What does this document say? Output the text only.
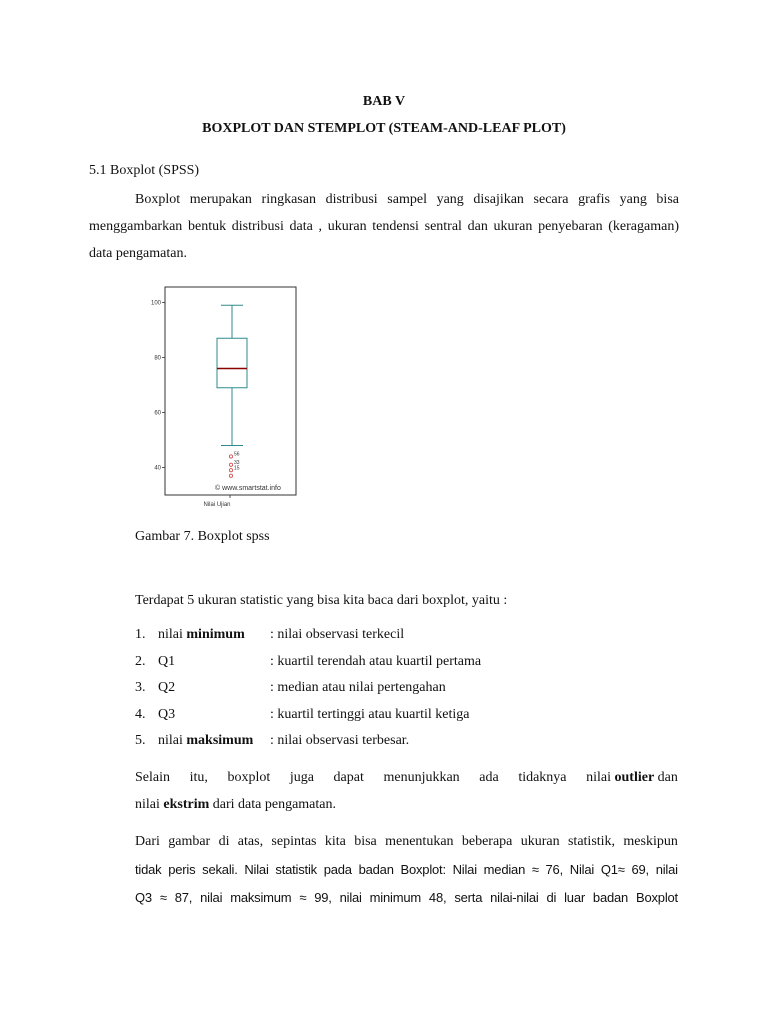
BAB V
BOXPLOT DAN STEMPLOT (STEAM-AND-LEAF PLOT)
5.1 Boxplot (SPSS)
Boxplot merupakan ringkasan distribusi sampel yang disajikan secara grafis yang bisa menggambarkan bentuk distribusi data , ukuran tendensi sentral dan ukuran penyebaran (keragaman) data pengamatan.
100
80
60
40
56
33
15
© www.smartstat.info
Nilai Ujian
Gambar 7. Boxplot spss
Terdapat 5 ukuran statistic yang bisa kita baca dari boxplot, yaitu :
1. nilai minimum : nilai observasi terkecil
2. Q1	: kuartil terendah atau kuartil pertama
3. Q2	: median atau nilai pertengahan
4. Q3	: kuartil tertinggi atau kuartil ketiga
5. nilai maksimum : nilai observasi terbesar.
Selain itu, boxplot juga dapat menunjukkan ada tidaknya nilai outlier dan
nilai ekstrim dari data pengamatan.
Dari gambar di atas, sepintas kita bisa menentukan beberapa ukuran statistik, meskipun
tidak peris sekali. Nilai statistik pada badan Boxplot: Nilai median ≈ 76, Nilai Q1≈ 69, nilai
Q3 ≈ 87, nilai maksimum ≈ 99, nilai minimum 48, serta nilai-nilai di luar badan Boxplot
